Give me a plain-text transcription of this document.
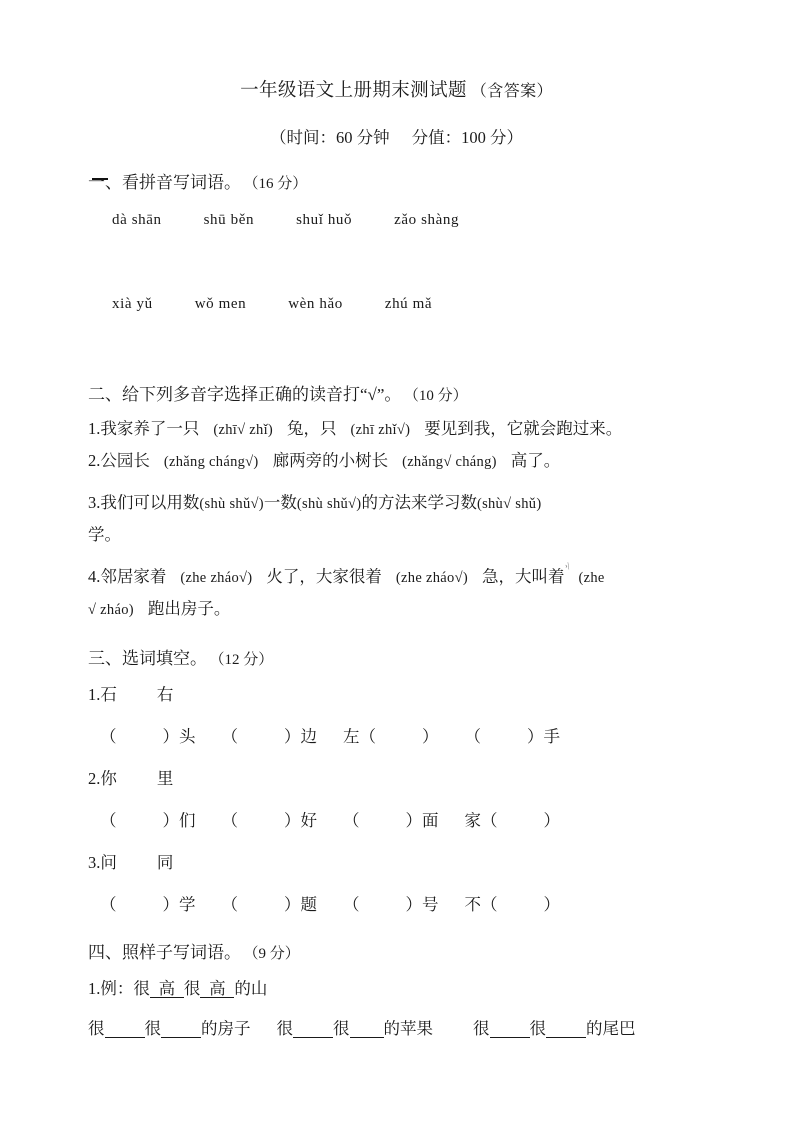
一年级语文上册期末测试题 （含答案）
（时间：60 分钟 分值：100 分）
一、看拼音写词语。 （16 分）
dà shān	shū běn	shuǐ huǒ	zǎo shàng
xià yǔ	wǒ men	wèn hǎo	zhú mǎ
二、给下列多音字选择正确的读音打“√”。 （10 分）
1.我家养了一只 (zhī√ zhǐ) 兔，只 (zhī zhǐ√) 要见到我，它就会跑过来。
2.公园长 (zhǎng cháng√) 廊两旁的小树长 (zhǎng√ cháng) 高了。
3.我们可以用数(shù shǔ√)一数(shù shǔ√)的方法来学习数(shù√ shǔ)
学。
4.邻居家着 (zhe zháo√) 火了，大家很着 (zhe zháo√) 急，大叫着 (zhe
›|
√ zháo) 跑出房子。
三、选词填空。 （12 分）
1.石 右
（	）头 （	）边 左（	） （	）手
2.你 里
（	）们 （	）好 （	）面 家（	）
3.问 同
（	）学 （	）题 （	）号 不（	）
四、照样子写词语。 （9 分）
1.例：很 高 很 高 的山
很 很 的房子 很 很 的苹果 很 很 的尾巴
